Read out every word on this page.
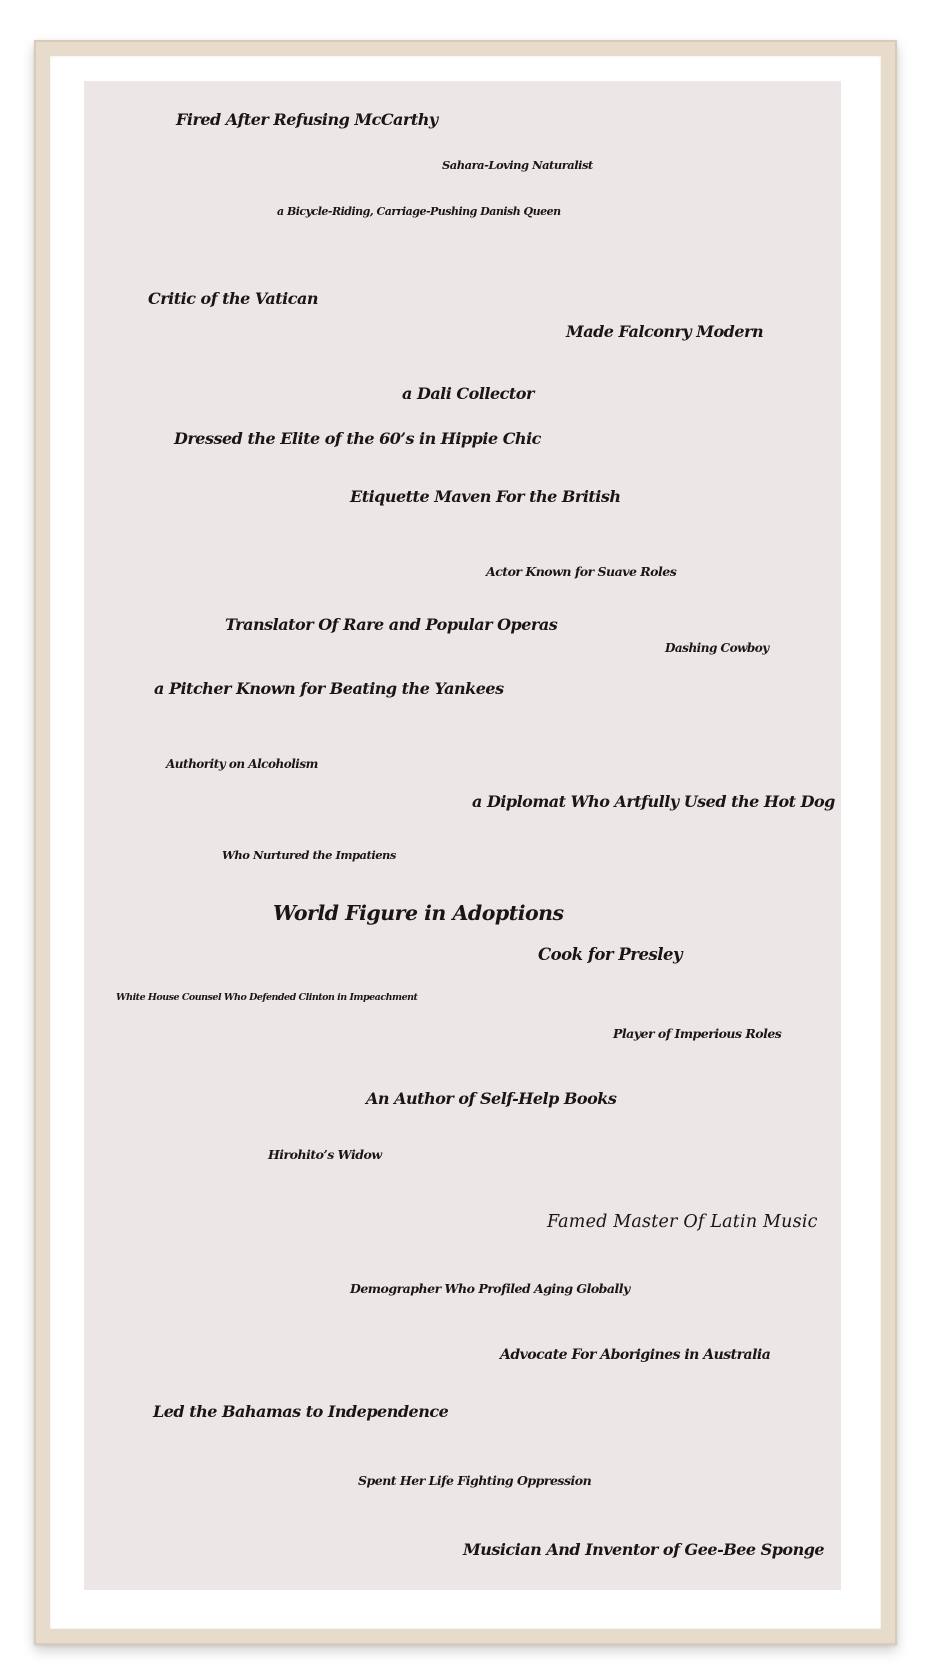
Fired After Refusing McCarthy
Sahara-Loving Naturalist
a Bicycle-Riding, Carriage-Pushing Danish Queen
Critic of the Vatican
Made Falconry Modern
a Dali Collector
Dressed the Elite of the 60’s in Hippie Chic
Etiquette Maven For the British
Actor Known for Suave Roles
Translator Of Rare and Popular Operas
Dashing Cowboy
a Pitcher Known for Beating the Yankees
Authority on Alcoholism
a Diplomat Who Artfully Used the Hot Dog
Who Nurtured the Impatiens
World Figure in Adoptions
Cook for Presley
White House Counsel Who Defended Clinton in Impeachment
Player of Imperious Roles
An Author of Self-Help Books
Hirohito’s Widow
Famed Master Of Latin Music
Demographer Who Profiled Aging Globally
Advocate For Aborigines in Australia
Led the Bahamas to Independence
Spent Her Life Fighting Oppression
Musician And Inventor of Gee-Bee Sponge
